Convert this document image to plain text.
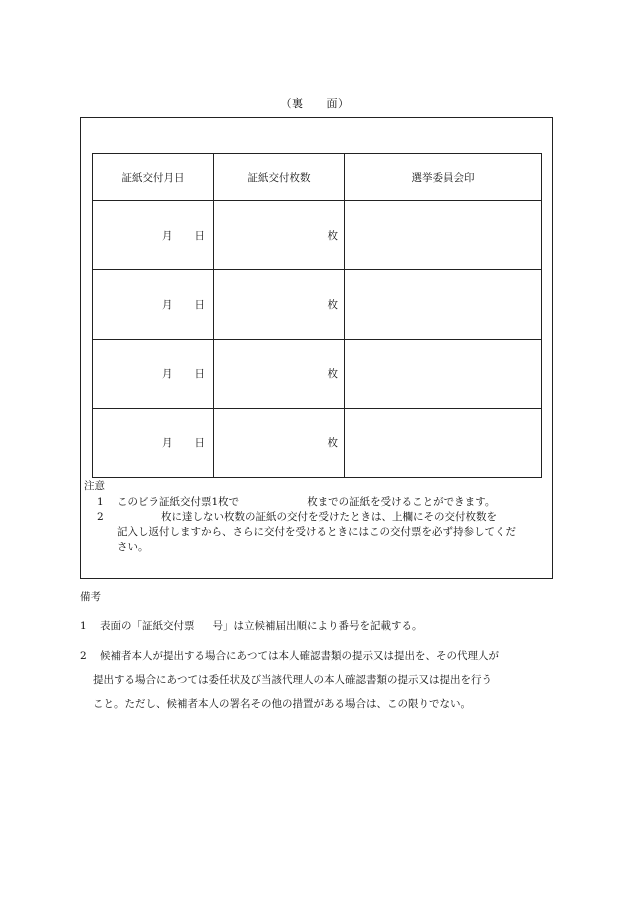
（裏　　面）
証紙交付月日	証紙交付枚数	選挙委員会印
月 日	枚	
月 日	枚	
月 日	枚	
月 日	枚	
注意
1 このビラ証紙交付票1枚で	枚までの証紙を受けることができます。
2	枚に達しない枚数の証紙の交付を受けたときは、上欄にその交付枚数を
記入し返付しますから、さらに交付を受けるときにはこの交付票を必ず持参してくだ
さい。
備考
1 表面の「証紙交付票 号」は立候補届出順により番号を記載する。
2 候補者本人が提出する場合にあつては本人確認書類の提示又は提出を、その代理人が
提出する場合にあつては委任状及び当該代理人の本人確認書類の提示又は提出を行う
こと。ただし、候補者本人の署名その他の措置がある場合は、この限りでない。
